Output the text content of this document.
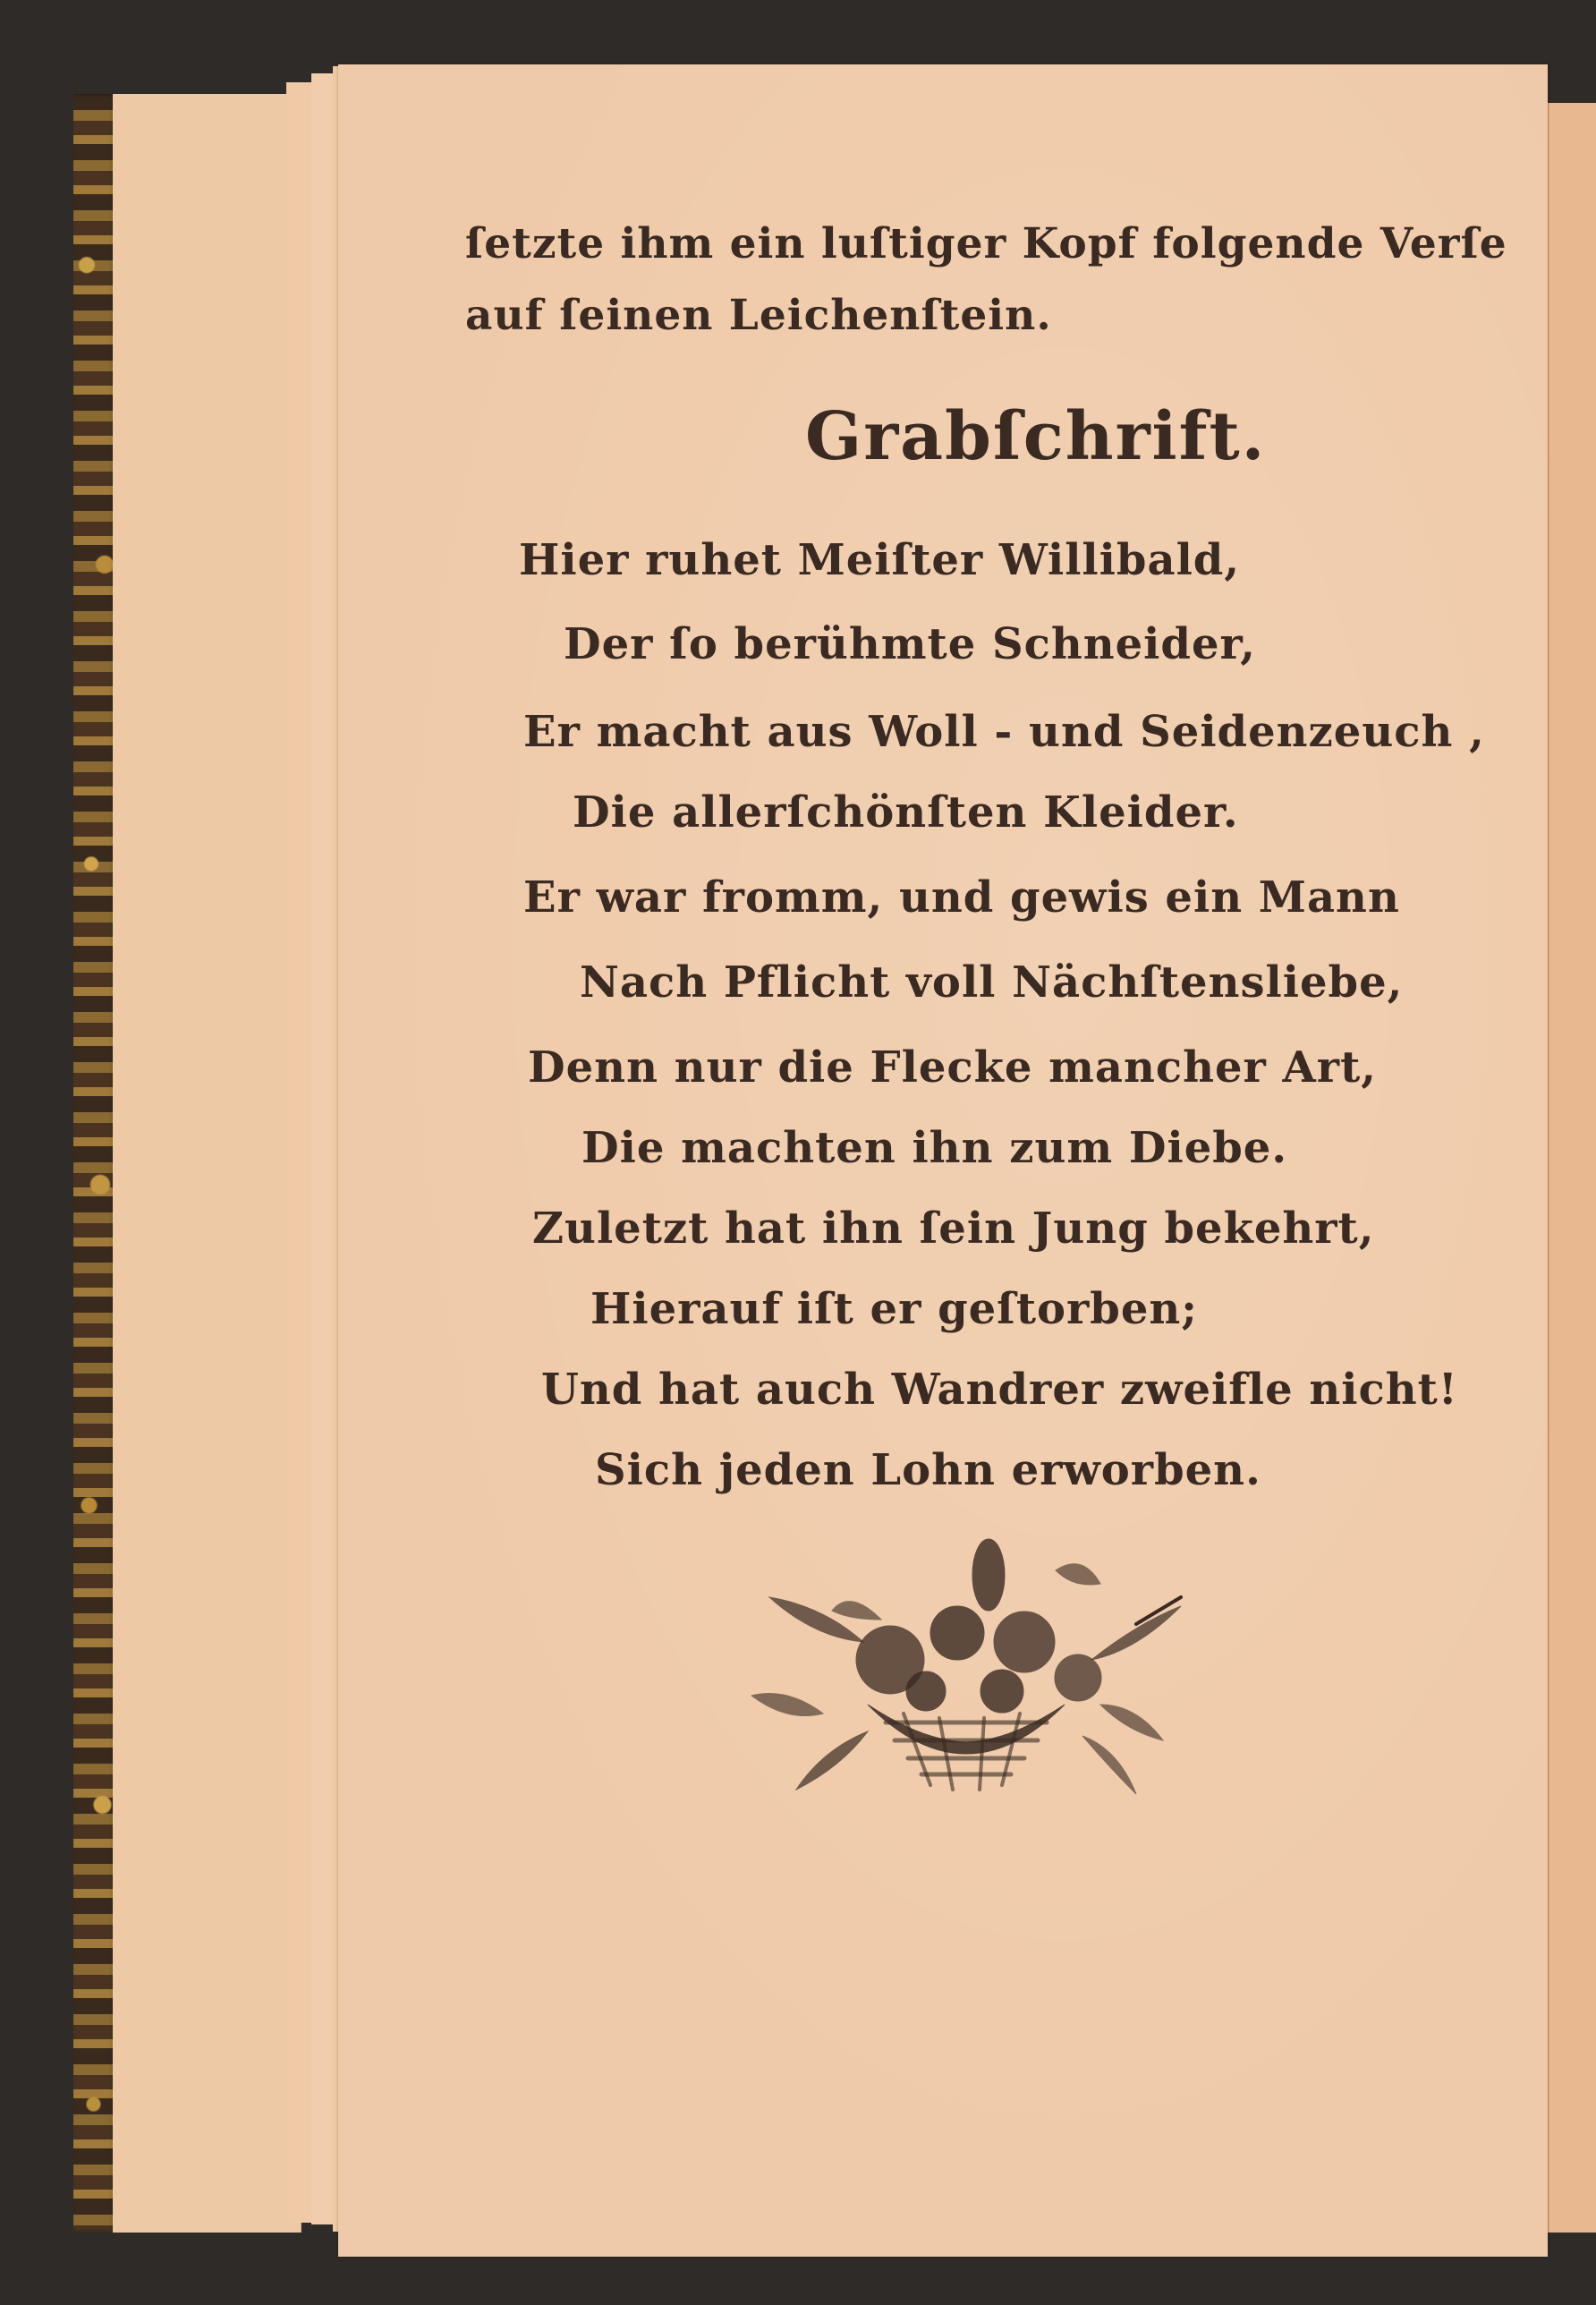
ſetzte ihm ein luſtiger Kopf folgende Verſe
auf ſeinen Leichenſtein.
Grabſchrift.
Hier ruhet Meiſter Willibald,
Der ſo berühmte Schneider,
Er macht aus Woll - und Seidenzeuch ,
Die allerſchönſten Kleider.
Er war fromm, und gewis ein Mann
Nach Pflicht voll Nächſtensliebe,
Denn nur die Flecke mancher Art,
Die machten ihn zum Diebe.
Zuletzt hat ihn ſein Jung bekehrt,
Hierauf iſt er geſtorben;
Und hat auch Wandrer zweifle nicht!
Sich jeden Lohn erworben.
